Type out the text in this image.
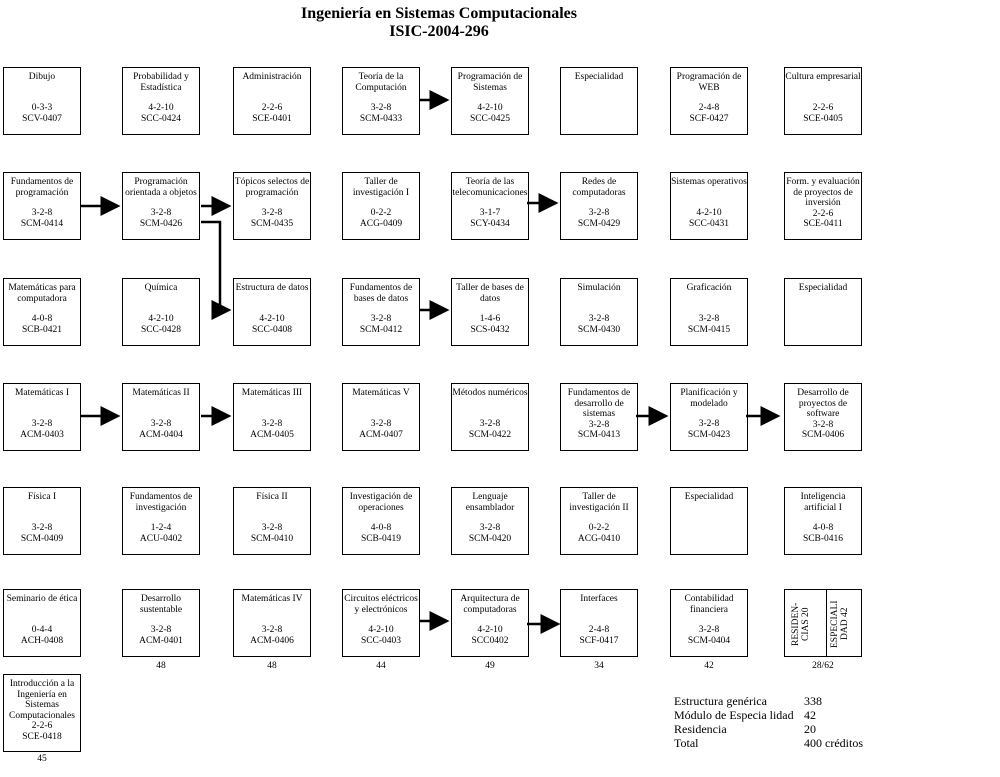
Ingeniería en Sistemas Computacionales
ISIC-2004-296
Dibujo
0-3-3
SCV-0407
Probabilidad y Estadística
4-2-10
SCC-0424
Administración
2-2-6
SCE-0401
Teoría de la Computación
3-2-8
SCM-0433
Programación de Sistemas
4-2-10
SCC-0425
Especialidad	Programación de WEB
2-4-8
SCF-0427
Cultura empresarial
2-2-6
SCE-0405
Fundamentos de programación
3-2-8
SCM-0414
Programación orientada a objetos
3-2-8
SCM-0426
Tópicos selectos de programación
3-2-8
SCM-0435
Taller de investigación I
0-2-2
ACG-0409
Teoría de las telecomunicaciones
3-1-7
SCY-0434
Redes de computadoras
3-2-8
SCM-0429
Sistemas operativos
4-2-10
SCC-0431
Form. y evaluación de proyectos de inversión
2-2-6
SCE-0411
Matemáticas para computadora
4-0-8
SCB-0421
Química
4-2-10
SCC-0428
Estructura de datos
4-2-10
SCC-0408
Fundamentos de bases de datos
3-2-8
SCM-0412
Taller de bases de datos
1-4-6
SCS-0432
Simulación
3-2-8
SCM-0430
Graficación
3-2-8
SCM-0415
Especialidad
Matemáticas I
3-2-8
ACM-0403
Matemáticas II
3-2-8
ACM-0404
Matemáticas III
3-2-8
ACM-0405
Matemáticas V
3-2-8
ACM-0407
Métodos numéricos
3-2-8
SCM-0422
Fundamentos de desarrollo de sistemas
3-2-8
SCM-0413
Planificación y modelado
3-2-8
SCM-0423
Desarrollo de proyectos de software
3-2-8
SCM-0406
Física I
3-2-8
SCM-0409
Fundamentos de investigación
1-2-4
ACU-0402
Física II
3-2-8
SCM-0410
Investigación de operaciones
4-0-8
SCB-0419
Lenguaje ensamblador
3-2-8
SCM-0420
Taller de investigación II
0-2-2
ACG-0410
Especialidad	Inteligencia artificial I
4-0-8
SCB-0416
Seminario de ética
0-4-4
ACH-0408
Desarrollo sustentable
3-2-8
ACM-0401
Matemáticas IV
3-2-8
ACM-0406
Circuitos eléctricos y electrónicos
4-2-10
SCC-0403
Arquitectura de computadoras
4-2-10
SCC0402
Interfaces
2-4-8
SCF-0417
Contabilidad financiera
3-2-8
SCM-0404
Introducción a la Ingeniería en Sistemas Computacionales
2-2-6
SCE-0418
RESIDEN- CIAS 20	ESPECIALI DAD 42
45
48	48	44	49	34	42	28/62
Estructura genérica	338
Módulo de Especia lidad 42
Residencia	20
Total	400 créditos
